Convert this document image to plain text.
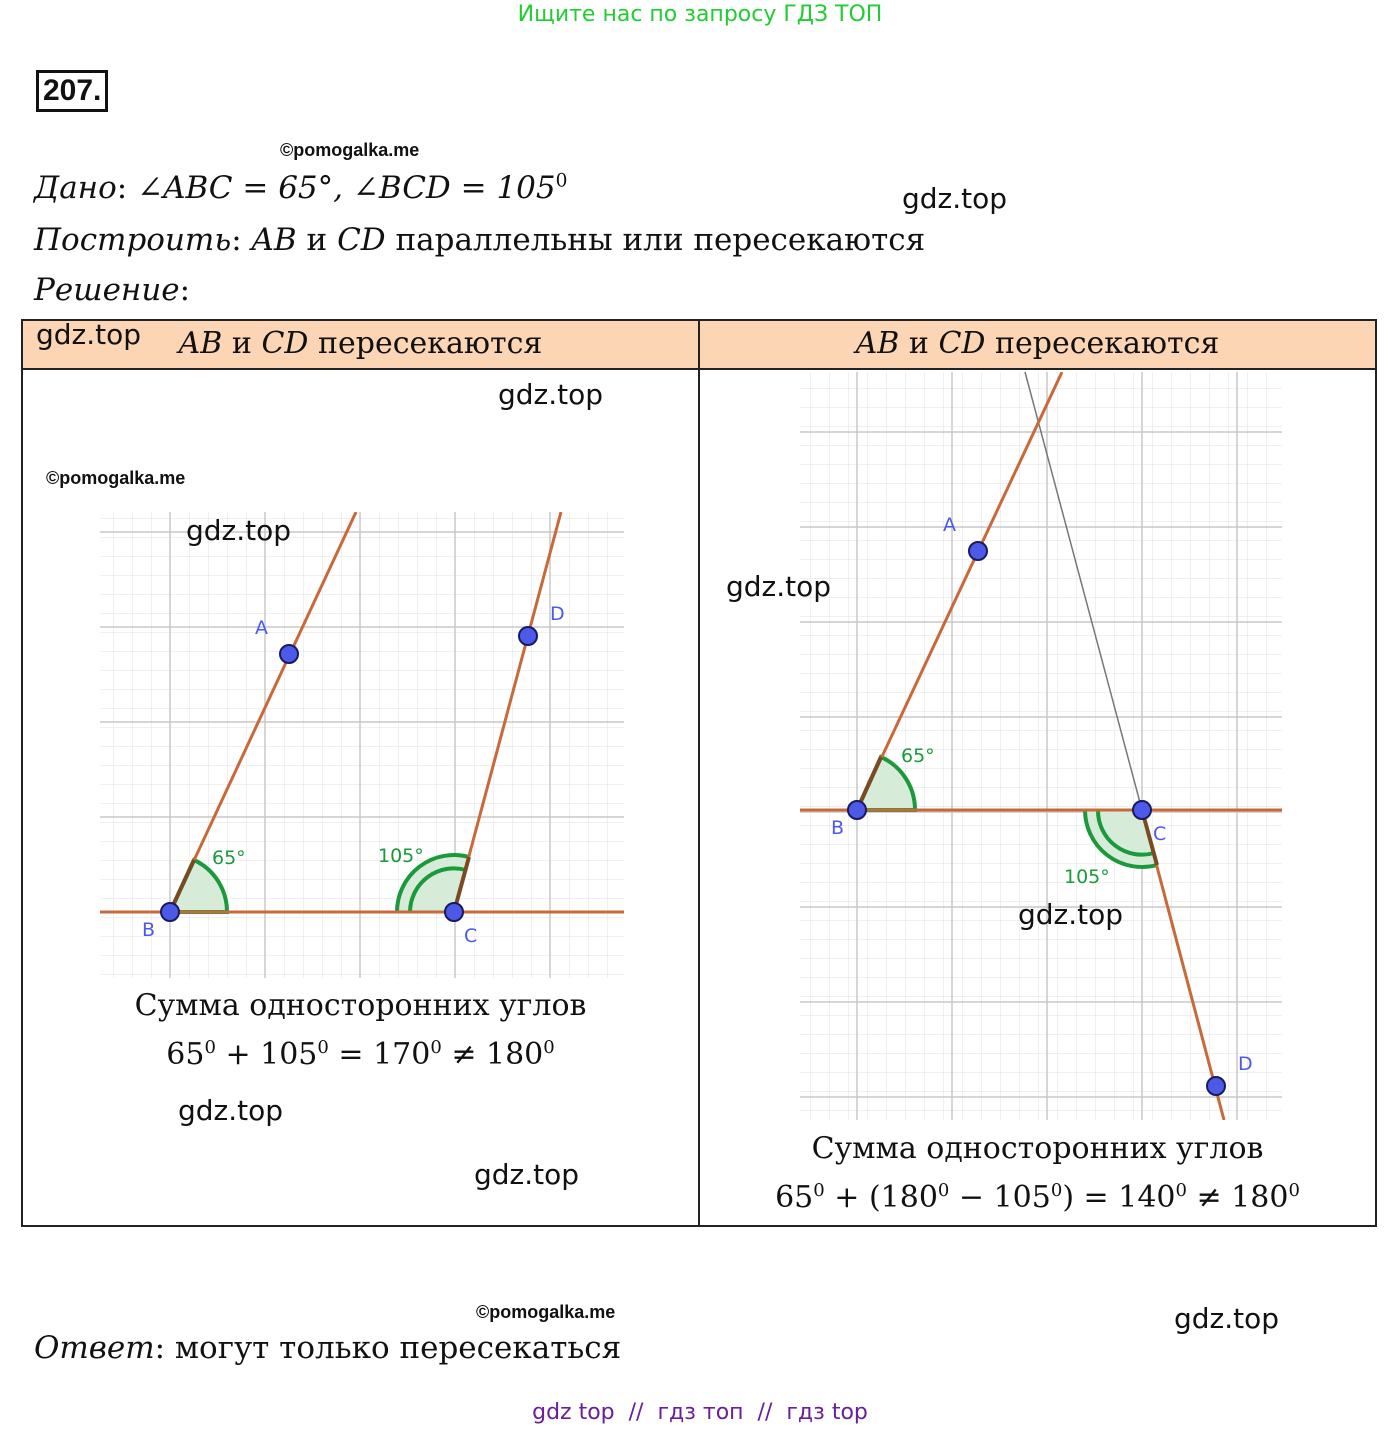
Ищите нас по запросу ГДЗ ТОП
207.
©pomogalka.me
gdz.top
Дано: ∠ABC = 65°, ∠BCD = $105^0$
Построить: AB и CD параллельны или пересекаются
Решение:
AB и CD пересекаются	AB и CD пересекаются
gdz.top
gdz.top
©pomogalka.me
A
B	C
D
65°	105°
gdz.top
Сумма односторонних углов
$65^0 + 105^0 = 170^0 \ne 180^0$
gdz.top
gdz.top
A
B	C
D
65°
105°
gdz.top
gdz.top
Сумма односторонних углов
$65^0 + (180^0 - 105^0) = 140^0 \ne 180^0$
©pomogalka.me	gdz.top
Ответ: могут только пересекаться
gdz top  //  гдз топ  //  гдз top
